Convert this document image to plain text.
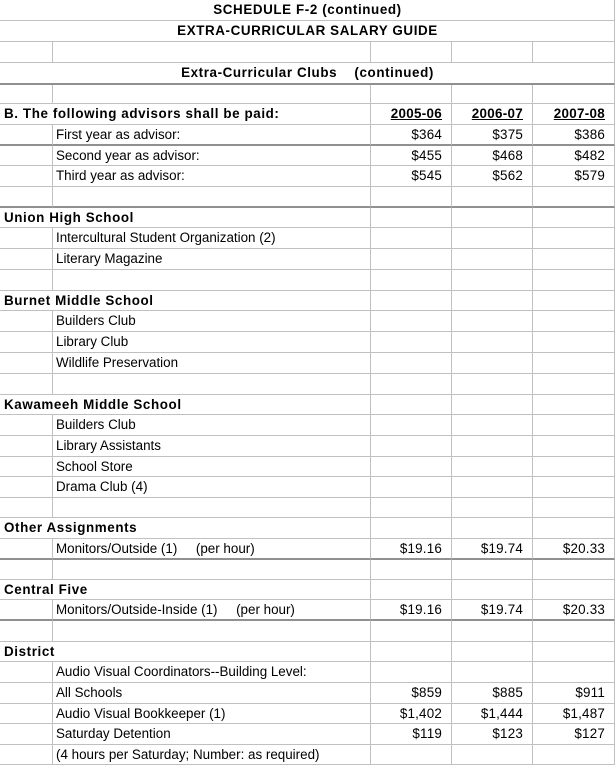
SCHEDULE F-2 (continued)
EXTRA-CURRICULAR SALARY GUIDE
Extra-Curricular Clubs    (continued)
B. The following advisors shall be paid:	2005-06 2006-07 2007-08
First year as advisor:	$364	$375	$386
Second year as advisor:	$455	$468	$482
Third year as advisor:	$545	$562	$579
Union High School
Intercultural Student Organization (2)
Literary Magazine
Burnet Middle School
Builders Club
Library Club
Wildlife Preservation
Kawameeh Middle School
Builders Club
Library Assistants
School Store
Drama Club (4)
Other Assignments
Monitors/Outside (1)     (per hour)	$19.16	$19.74	$20.33
Central Five
Monitors/Outside-Inside (1)     (per hour)	$19.16	$19.74	$20.33
District
Audio Visual Coordinators--Building Level:
All Schools	$859	$885	$911
Audio Visual Bookkeeper (1)	$1,402	$1,444	$1,487
Saturday Detention	$119	$123	$127
(4 hours per Saturday; Number: as required)
